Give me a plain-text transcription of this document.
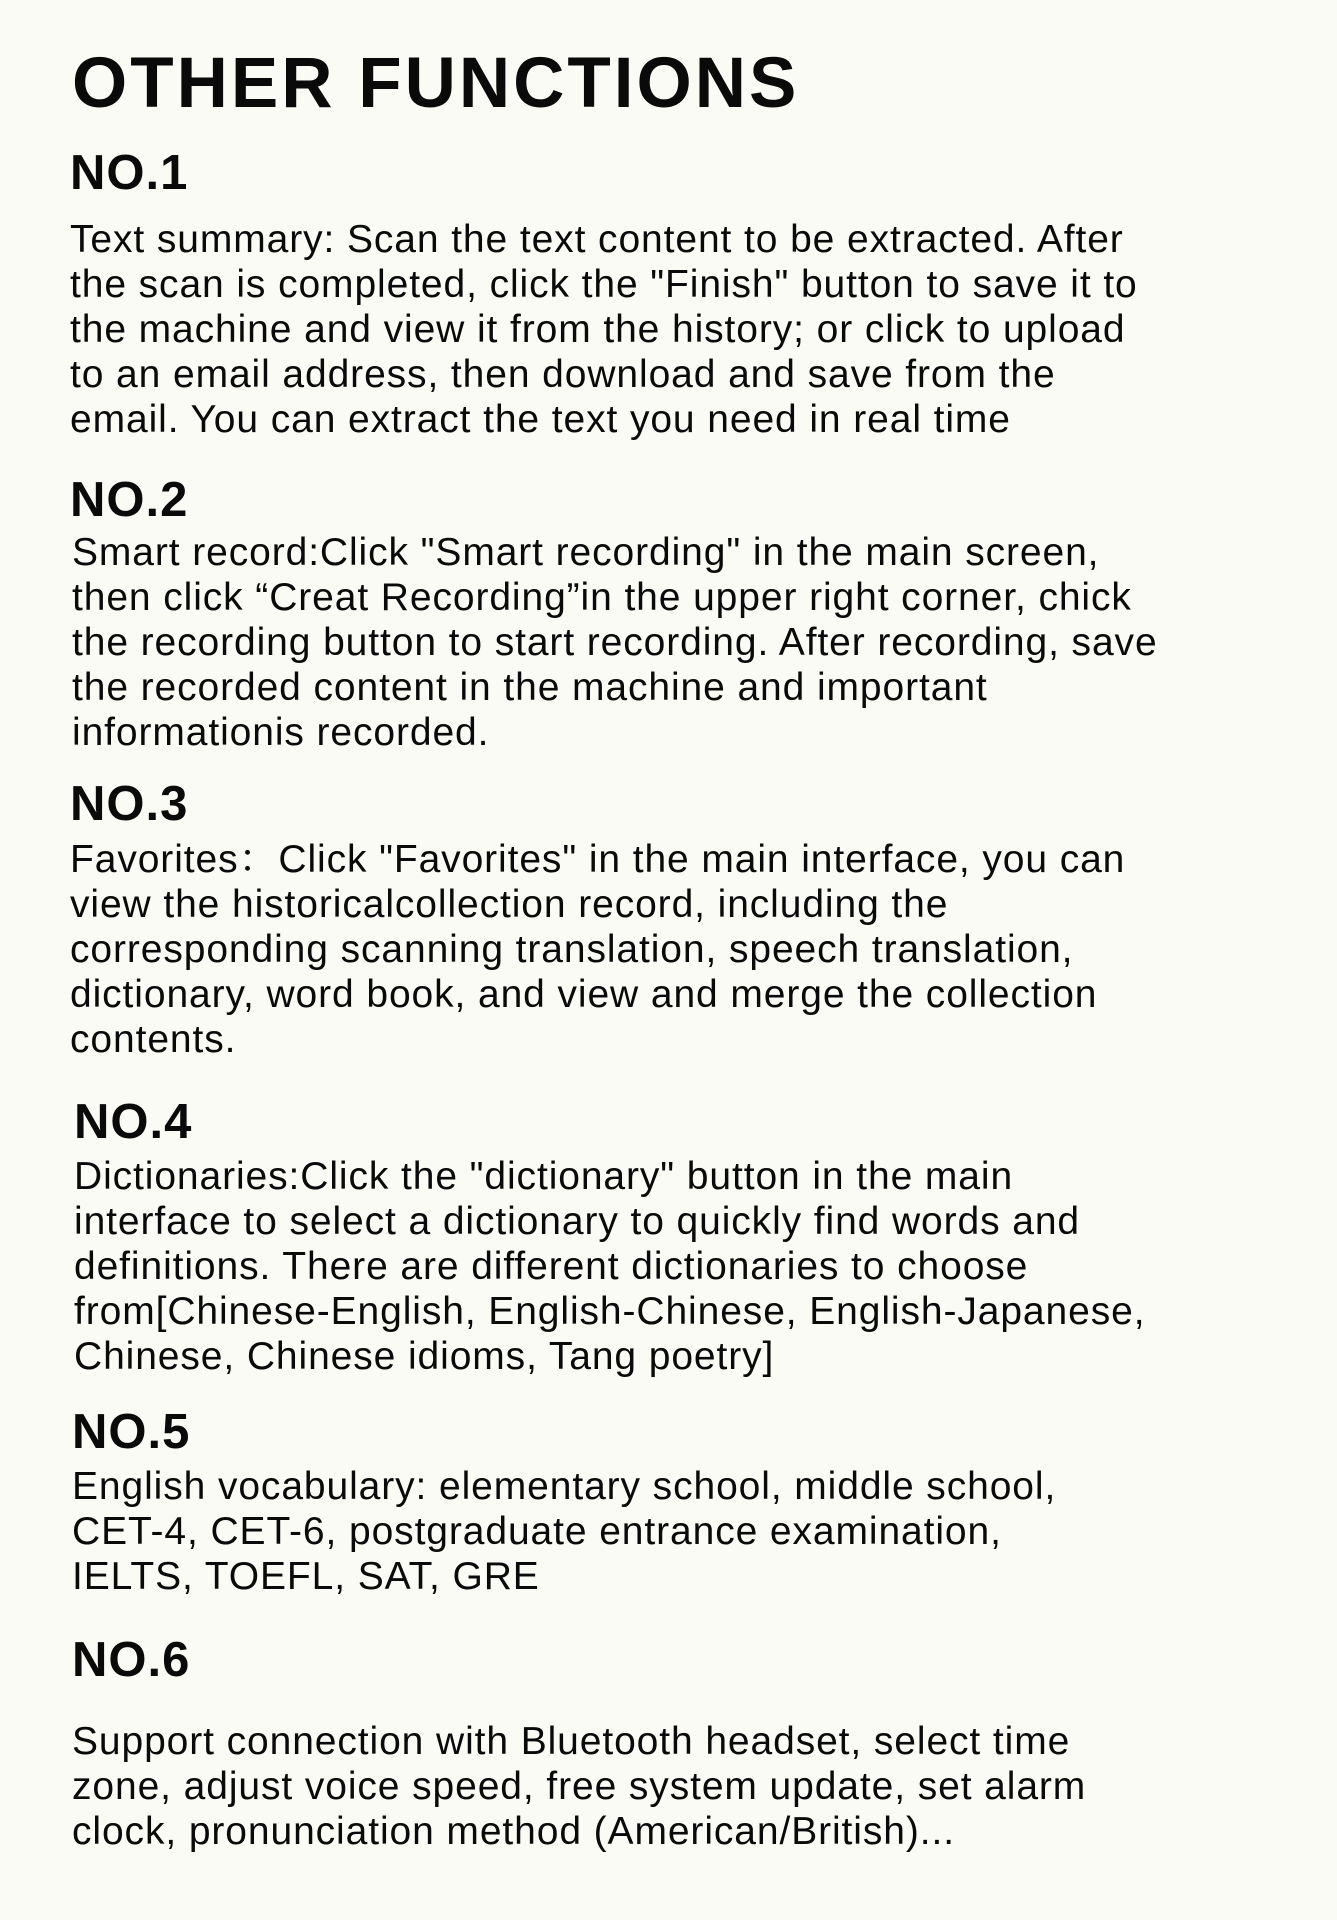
OTHER FUNCTIONS
NO.1

Text summary: Scan the text content to be extracted. After
the scan is completed, click the "Finish" button to save it to
the machine and view it from the history; or click to upload
to an email address, then download and save from the
email. You can extract the text you need in real time

NO.2

Smart record:Click "Smart recording" in the main screen,
then click “Creat Recording”in the upper right corner, chick
the recording button to start recording. After recording, save
the recorded content in the machine and important
informationis recorded.

NO.3

Favorites：Click "Favorites" in the main interface, you can
view the historicalcollection record, including the
corresponding scanning translation, speech translation,
dictionary, word book, and view and merge the collection
contents.

NO.4

Dictionaries:Click the "dictionary" button in the main
interface to select a dictionary to quickly find words and
definitions. There are different dictionaries to choose
from[Chinese-English, English-Chinese, English-Japanese,
Chinese, Chinese idioms, Tang poetry]

NO.5

English vocabulary: elementary school, middle school,
CET-4, CET-6, postgraduate entrance examination,
IELTS, TOEFL, SAT, GRE

NO.6

Support connection with Bluetooth headset, select time
zone, adjust voice speed, free system update, set alarm
clock, pronunciation method (American/British)...
